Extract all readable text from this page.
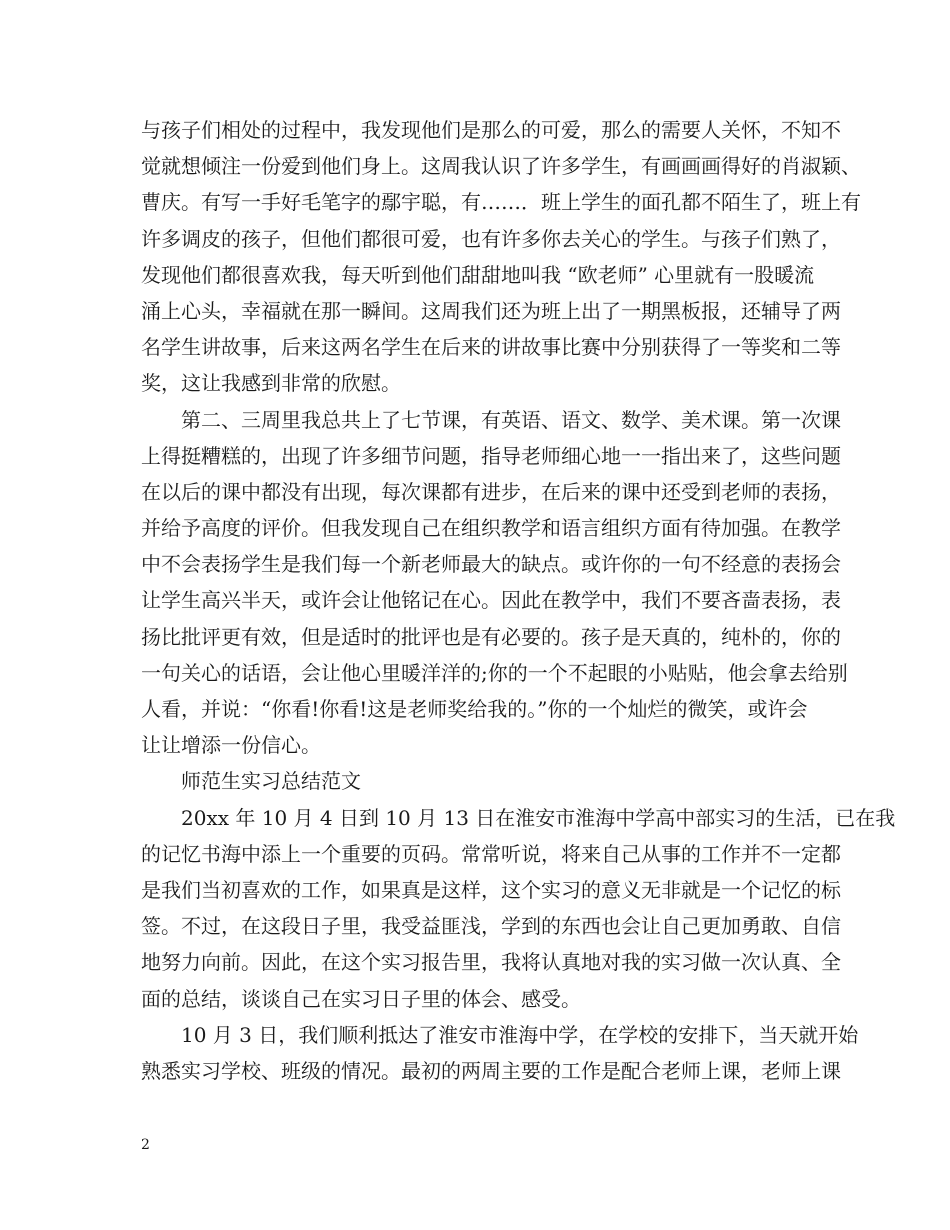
与孩子们相处的过程中，我发现他们是那么的可爱，那么的需要人关怀，不知不
觉就想倾注一份爱到他们身上。这周我认识了许多学生，有画画画得好的肖淑颖、
曹庆。有写一手好毛笔字的鄢宇聪，有……．班上学生的面孔都不陌生了，班上有
许多调皮的孩子，但他们都很可爱，也有许多你去关心的学生。与孩子们熟了，
发现他们都很喜欢我，每天听到他们甜甜地叫我 “欧老师” 心里就有一股暖流
涌上心头，幸福就在那一瞬间。这周我们还为班上出了一期黑板报，还辅导了两
名学生讲故事，后来这两名学生在后来的讲故事比赛中分别获得了一等奖和二等
奖，这让我感到非常的欣慰。
　　第二、三周里我总共上了七节课，有英语、语文、数学、美术课。第一次课
上得挺糟糕的，出现了许多细节问题，指导老师细心地一一指出来了，这些问题
在以后的课中都没有出现，每次课都有进步，在后来的课中还受到老师的表扬，
并给予高度的评价。但我发现自己在组织教学和语言组织方面有待加强。在教学
中不会表扬学生是我们每一个新老师最大的缺点。或许你的一句不经意的表扬会
让学生高兴半天，或许会让他铭记在心。因此在教学中，我们不要吝啬表扬，表
扬比批评更有效，但是适时的批评也是有必要的。孩子是天真的，纯朴的，你的
一句关心的话语，会让他心里暖洋洋的;你的一个不起眼的小贴贴，他会拿去给别
人看，并说：“你看!你看!这是老师奖给我的。”你的一个灿烂的微笑，或许会
让让增添一份信心。
　　师范生实习总结范文
　　20xx 年 10 月 4 日到 10 月 13 日在淮安市淮海中学高中部实习的生活，已在我
的记忆书海中添上一个重要的页码。常常听说，将来自己从事的工作并不一定都
是我们当初喜欢的工作，如果真是这样，这个实习的意义无非就是一个记忆的标
签。不过，在这段日子里，我受益匪浅，学到的东西也会让自己更加勇敢、自信
地努力向前。因此，在这个实习报告里，我将认真地对我的实习做一次认真、全
面的总结，谈谈自己在实习日子里的体会、感受。
　　10 月 3 日，我们顺利抵达了淮安市淮海中学，在学校的安排下，当天就开始
熟悉实习学校、班级的情况。最初的两周主要的工作是配合老师上课，老师上课
2
